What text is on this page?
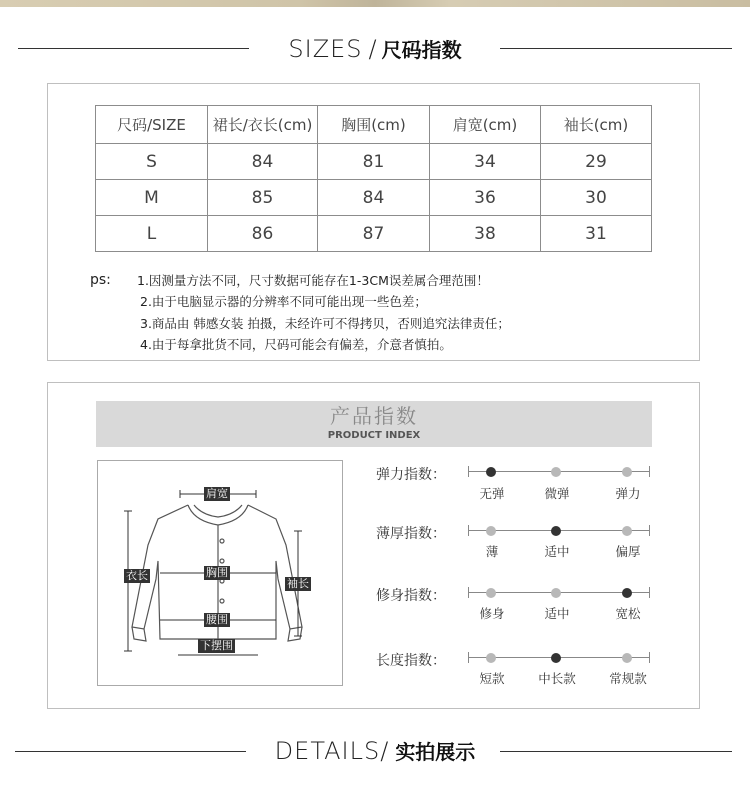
SIZES / 尺码指数
尺码/SIZE	裙长/衣长(cm)	胸围(cm)	肩宽(cm)	袖长(cm)
S	84	81	34	29
M	85	84	36	30
L	86	87	38	31
ps: 1.因测量方法不同，尺寸数据可能存在1-3CM误差属合理范围！
2.由于电脑显示器的分辨率不同可能出现一些色差；
3.商品由 韩感女装 拍摄，未经许可不得拷贝，否则追究法律责任；
4.由于每拿批货不同，尺码可能会有偏差，介意者慎拍。
产品指数
PRODUCT INDEX
肩宽
衣长	胸围
袖长
腰围
下摆围
弹力指数：
无弹	微弹	弹力
薄厚指数：
薄	适中	偏厚
修身指数：
修身	适中	宽松
长度指数：
短款	中长款	常规款
DETAILS/ 实拍展示
